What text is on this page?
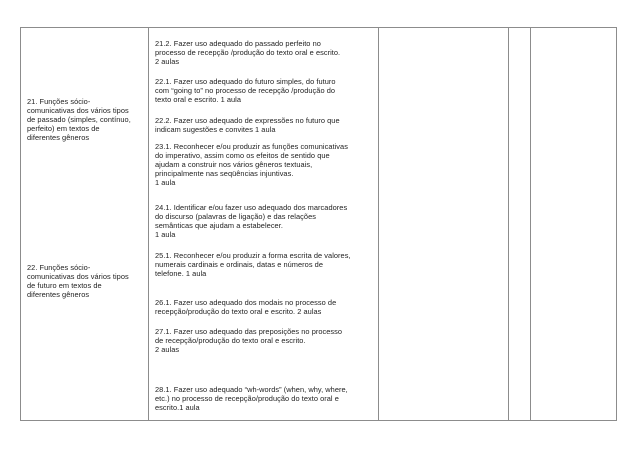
21. Funções sócio-
comunicativas dos vários tipos
de passado (simples, contínuo,
perfeito) em textos de
diferentes gêneros
22. Funções sócio-
comunicativas dos vários tipos
de futuro em textos de
diferentes gêneros
21.2. Fazer uso adequado do passado perfeito no
processo de recepção /produção do texto oral e escrito.
2 aulas
22.1. Fazer uso adequado do futuro simples, do futuro
com “going to” no processo de recepção /produção do
texto oral e escrito. 1 aula
22.2. Fazer uso adequado de expressões no futuro que
indicam sugestões e convites 1 aula
23.1. Reconhecer e/ou produzir as funções comunicativas
do imperativo, assim como os efeitos de sentido que
ajudam a construir nos vários gêneros textuais,
principalmente nas seqüências injuntivas.
1 aula
24.1. Identificar e/ou fazer uso adequado dos marcadores
do discurso (palavras de ligação) e das relações
semânticas que ajudam a estabelecer.
1 aula
25.1. Reconhecer e/ou produzir a forma escrita de valores,
numerais cardinais e ordinais, datas e números de
telefone. 1 aula
26.1. Fazer uso adequado dos modais no processo de
recepção/produção do texto oral e escrito. 2 aulas
27.1. Fazer uso adequado das preposições no processo
de recepção/produção do texto oral e escrito.
2 aulas
28.1. Fazer uso adequado “wh-words” (when, why, where,
etc.) no processo de recepção/produção do texto oral e
escrito.1 aula
